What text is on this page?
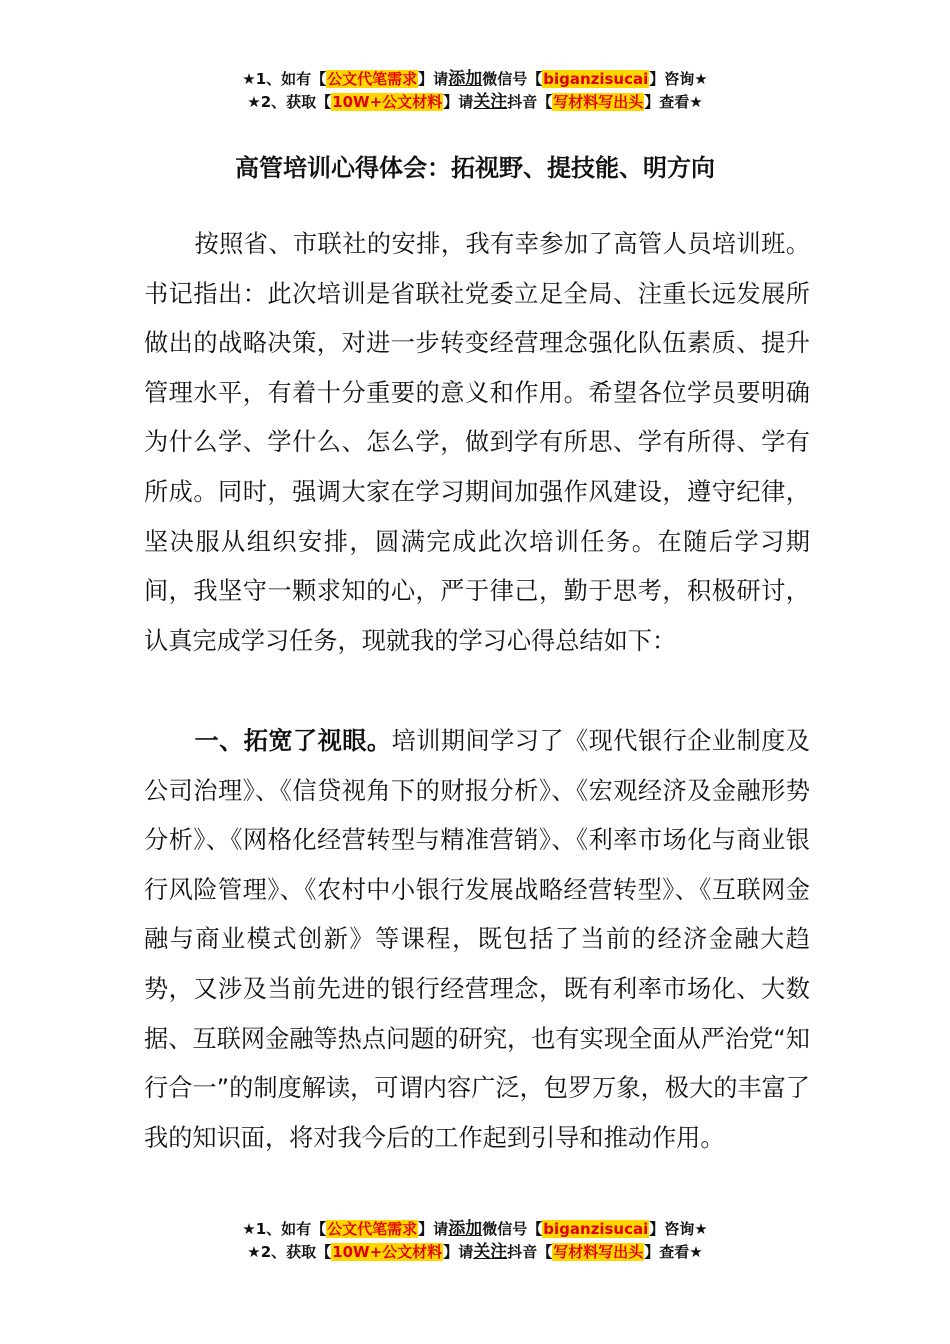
★1、如有【公文代笔需求】请添加微信号【biganzisucai】咨询★
★2、获取【10W+公文材料】请关注抖音【写材料写出头】查看★
高管培训心得体会：拓视野、提技能、明方向

按照省、市联社的安排，我有幸参加了高管人员培训班。书记指出：此次培训是省联社党委立足全局、注重长远发展所做出的战略决策，对进一步转变经营理念强化队伍素质、提升管理水平，有着十分重要的意义和作用。希望各位学员要明确为什么学、学什么、怎么学，做到学有所思、学有所得、学有所成。同时，强调大家在学习期间加强作风建设，遵守纪律，坚决服从组织安排，圆满完成此次培训任务。在随后学习期间，我坚守一颗求知的心，严于律己，勤于思考，积极研讨，认真完成学习任务，现就我的学习心得总结如下：

一、拓宽了视眼。培训期间学习了《现代银行企业制度及公司治理》、《信贷视角下的财报分析》、《宏观经济及金融形势分析》、《网格化经营转型与精准营销》、《利率市场化与商业银行风险管理》、《农村中小银行发展战略经营转型》、《互联网金融与商业模式创新》等课程，既包括了当前的经济金融大趋势，又涉及当前先进的银行经营理念，既有利率市场化、大数据、互联网金融等热点问题的研究，也有实现全面从严治党“知行合一”的制度解读，可谓内容广泛，包罗万象，极大的丰富了我的知识面，将对我今后的工作起到引导和推动作用。

★1、如有【公文代笔需求】请添加微信号【biganzisucai】咨询★
★2、获取【10W+公文材料】请关注抖音【写材料写出头】查看★
